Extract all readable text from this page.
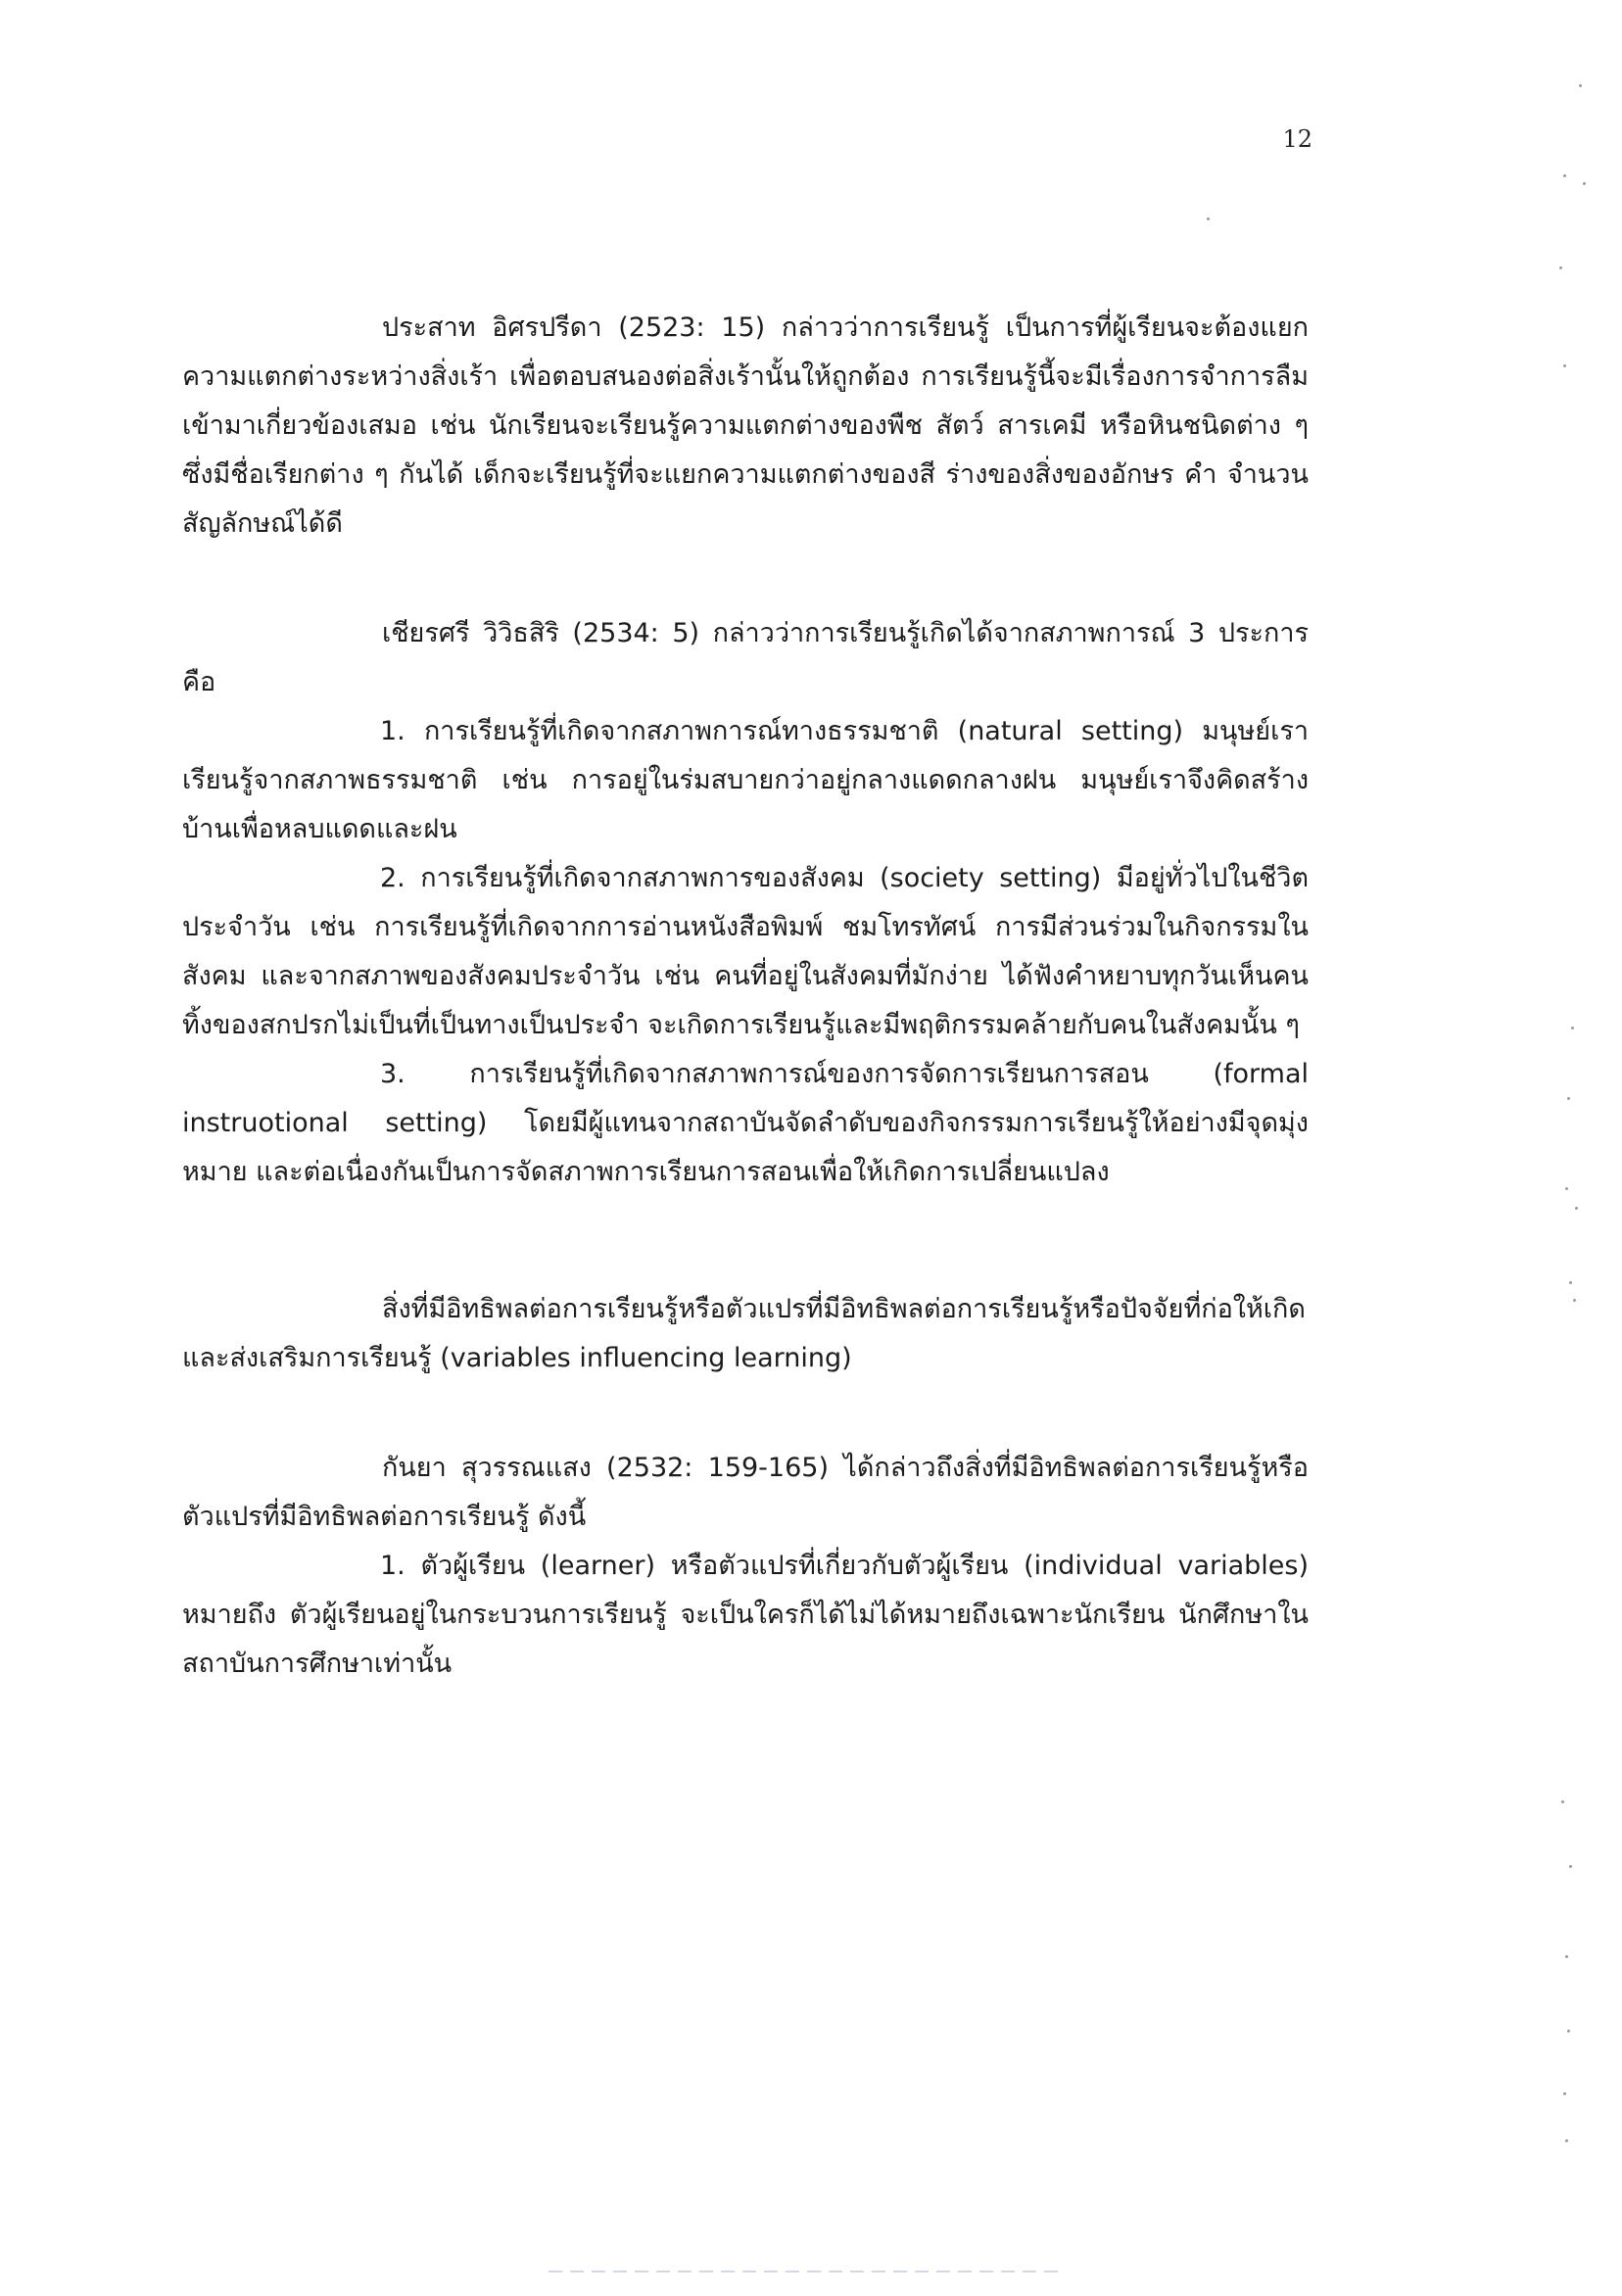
12

ประสาท อิศรปรีดา (2523: 15) กล่าวว่าการเรียนรู้ เป็นการที่ผู้เรียนจะต้องแยกความแตกต่างระหว่างสิ่งเร้า เพื่อตอบสนองต่อสิ่งเร้านั้นให้ถูกต้อง การเรียนรู้นี้จะมีเรื่องการจำการลืมเข้ามาเกี่ยวข้องเสมอ เช่น นักเรียนจะเรียนรู้ความแตกต่างของพืช สัตว์ สารเคมี หรือหินชนิดต่าง ๆ ซึ่งมีชื่อเรียกต่าง ๆ กันได้ เด็กจะเรียนรู้ที่จะแยกความแตกต่างของสี ร่างของสิ่งของอักษร คำ จำนวน สัญลักษณ์ได้ดี

เชียรศรี วิวิธสิริ (2534: 5) กล่าวว่าการเรียนรู้เกิดได้จากสภาพการณ์ 3 ประการคือ

1. การเรียนรู้ที่เกิดจากสภาพการณ์ทางธรรมชาติ (natural setting) มนุษย์เราเรียนรู้จากสภาพธรรมชาติ เช่น การอยู่ในร่มสบายกว่าอยู่กลางแดดกลางฝน มนุษย์เราจึงคิดสร้างบ้านเพื่อหลบแดดและฝน

2. การเรียนรู้ที่เกิดจากสภาพการของสังคม (society setting) มีอยู่ทั่วไปในชีวิตประจำวัน เช่น การเรียนรู้ที่เกิดจากการอ่านหนังสือพิมพ์ ชมโทรทัศน์ การมีส่วนร่วมในกิจกรรมในสังคม และจากสภาพของสังคมประจำวัน เช่น คนที่อยู่ในสังคมที่มักง่าย ได้ฟังคำหยาบทุกวันเห็นคนทิ้งของสกปรกไม่เป็นที่เป็นทางเป็นประจำ จะเกิดการเรียนรู้และมีพฤติกรรมคล้ายกับคนในสังคมนั้น ๆ

3. การเรียนรู้ที่เกิดจากสภาพการณ์ของการจัดการเรียนการสอน (formal instruotional setting) โดยมีผู้แทนจากสถาบันจัดลำดับของกิจกรรมการเรียนรู้ให้อย่างมีจุดมุ่งหมาย และต่อเนื่องกันเป็นการจัดสภาพการเรียนการสอนเพื่อให้เกิดการเปลี่ยนแปลง

สิ่งที่มีอิทธิพลต่อการเรียนรู้หรือตัวแปรที่มีอิทธิพลต่อการเรียนรู้หรือปัจจัยที่ก่อให้เกิดและส่งเสริมการเรียนรู้ (variables influencing learning)

กันยา สุวรรณแสง (2532: 159-165) ได้กล่าวถึงสิ่งที่มีอิทธิพลต่อการเรียนรู้หรือตัวแปรที่มีอิทธิพลต่อการเรียนรู้ ดังนี้

1. ตัวผู้เรียน (learner) หรือตัวแปรที่เกี่ยวกับตัวผู้เรียน (individual variables) หมายถึง ตัวผู้เรียนอยู่ในกระบวนการเรียนรู้ จะเป็นใครก็ได้ไม่ได้หมายถึงเฉพาะนักเรียน นักศึกษาในสถาบันการศึกษาเท่านั้น
